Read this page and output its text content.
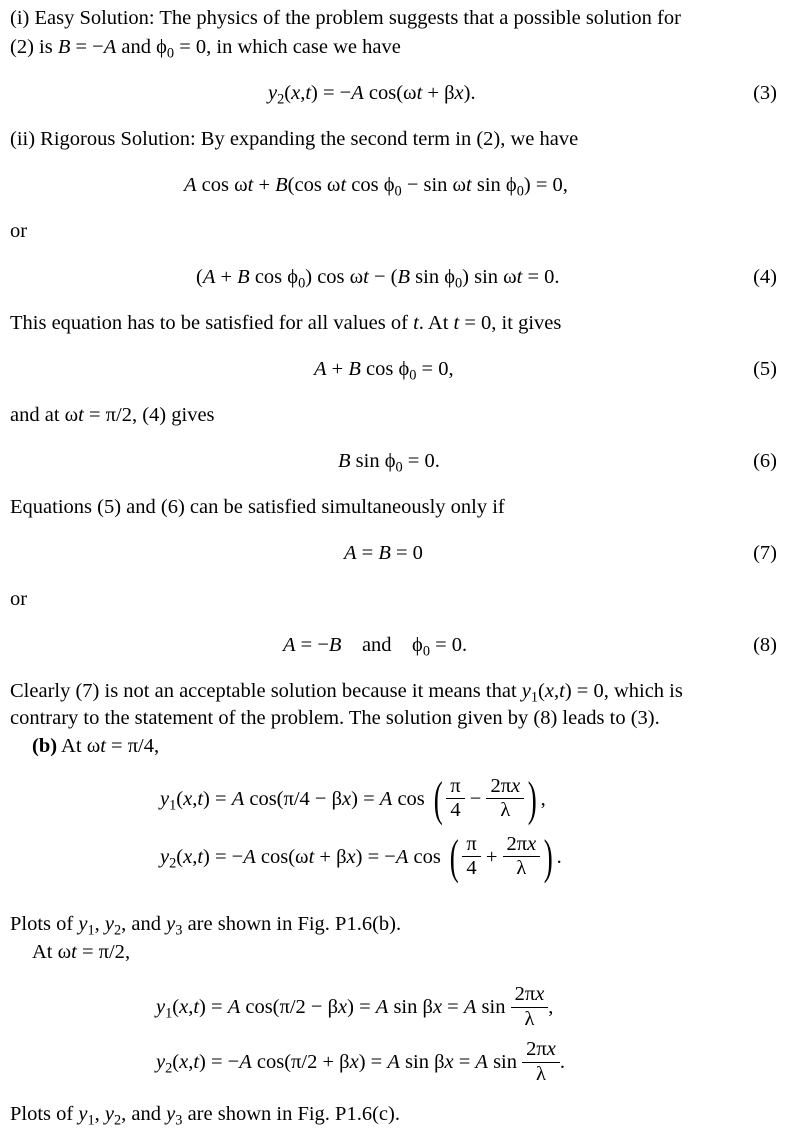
(i) Easy Solution: The physics of the problem suggests that a possible solution for
(2) is B = −A and $\phi_0 = 0$, in which case we have
$y_2(x,t) = -A$ cos(ωt + βx).	(3)
(ii) Rigorous Solution: By expanding the second term in (2), we have
A cos ωt + B(cos ωt $\cos \phi_0 - \sin \omega t$ $\sin \phi_0) = 0$,
or
(A + B $\cos \phi_0$) cos ωt − (B $\sin \phi_0$) sin ωt = 0.	(4)
This equation has to be satisfied for all values of t. At t = 0, it gives
A + B $\cos \phi_0 = 0$,	(5)
and at ωt = π/2, (4) gives
B $\sin \phi_0 = 0$.	(6)
Equations (5) and (6) can be satisfied simultaneously only if
A = B = 0	(7)
or
A = −B    and    $\phi_0 = 0$.	(8)
Clearly (7) is not an acceptable solution because it means that $y_1(x,t) = 0$, which is
contrary to the statement of the problem. The solution given by (8) leads to (3).
(b) At ωt = π/4,
$y_1(x,t) = A$ cos(π/4 − βx) = A cos ( $\frac{\pi}{4} - \frac{2\pi x}{\lambda}$ ) ,
$y_2(x,t) = -A$ cos(ωt + βx) = −A cos ( $\frac{\pi}{4} + \frac{2\pi x}{\lambda}$ ) .
Plots of $y_1$, $y_2$, and $y_3$ are shown in Fig. P1.6(b).
At ωt = π/2,
$y_1(x,t) = A$ cos(π/2 − βx) = A sin βx = A $\sin \frac{2\pi x}{\lambda}$ ,
$y_2(x,t) = -A$ cos(π/2 + βx) = A sin βx = A $\sin \frac{2\pi x}{\lambda}$ .
Plots of $y_1$, $y_2$, and $y_3$ are shown in Fig. P1.6(c).
